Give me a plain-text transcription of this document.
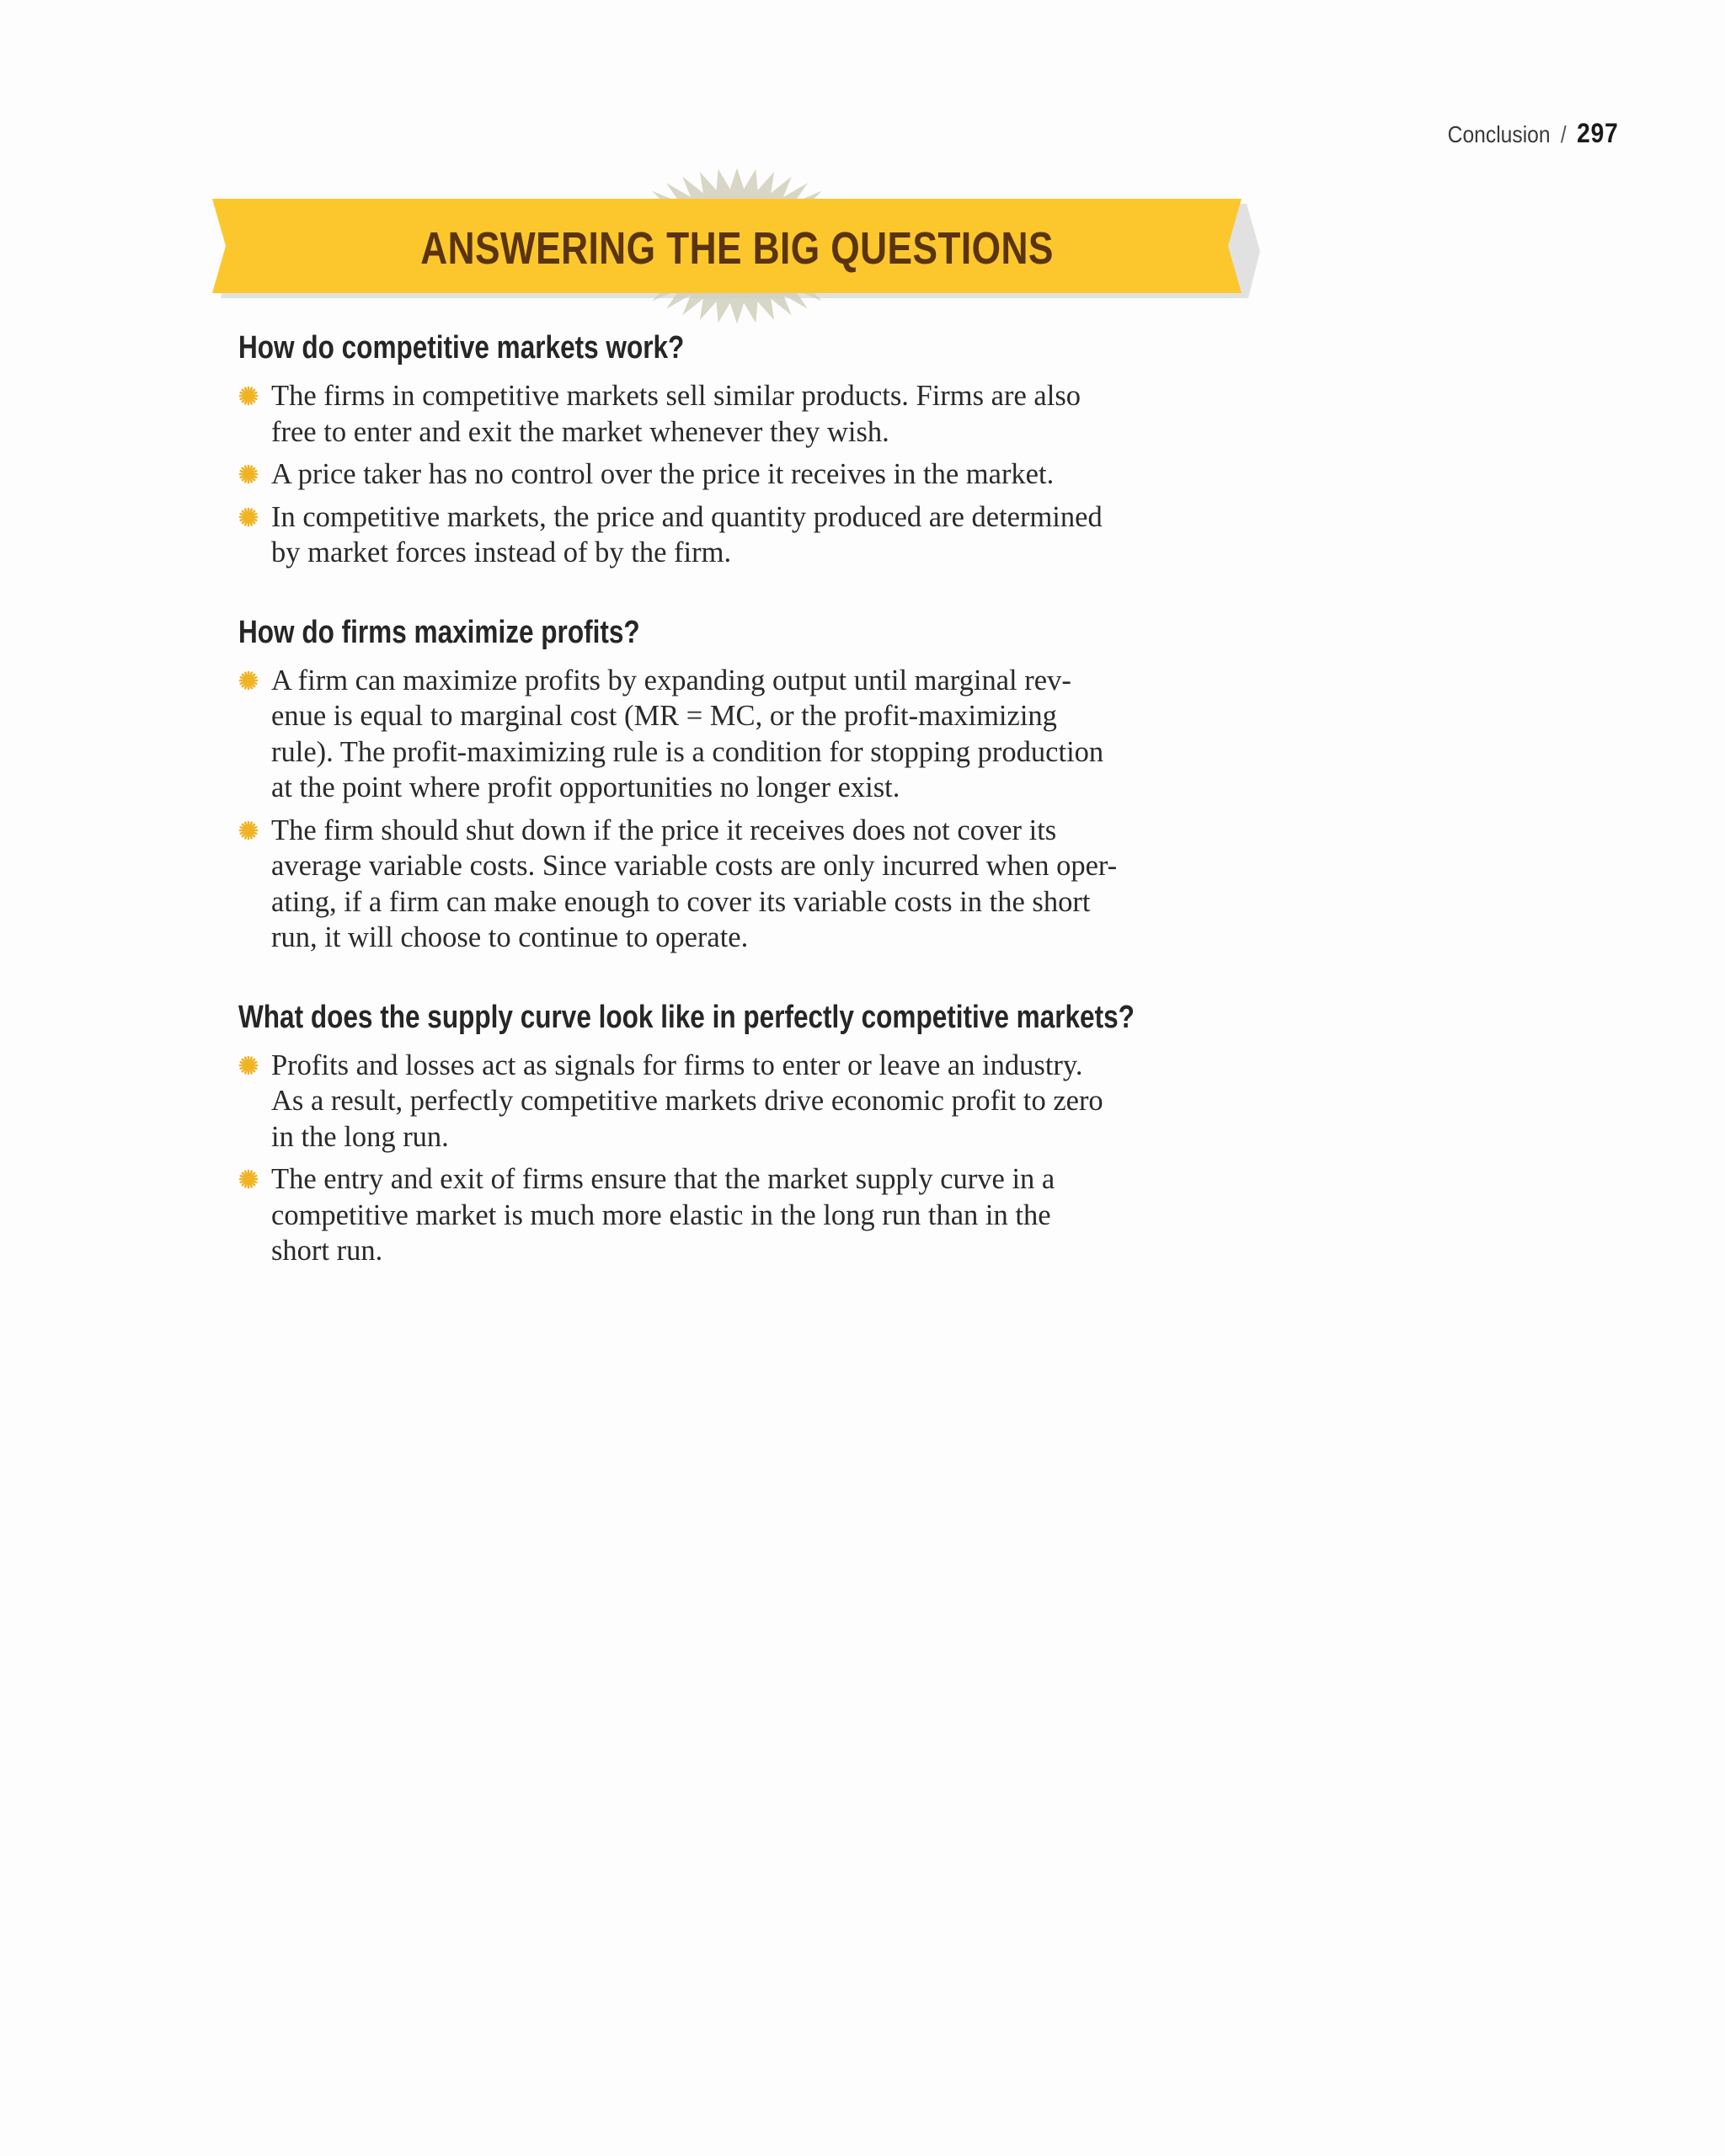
Conclusion / 297
ANSWERING THE BIG QUESTIONS
How do competitive markets work?
The firms in competitive markets sell similar products. Firms are also
free to enter and exit the market whenever they wish.
A price taker has no control over the price it receives in the market.
In competitive markets, the price and quantity produced are determined
by market forces instead of by the firm.
How do firms maximize profits?
A firm can maximize profits by expanding output until marginal rev-
enue is equal to marginal cost (MR = MC, or the profit-maximizing
rule). The profit-maximizing rule is a condition for stopping production
at the point where profit opportunities no longer exist.
The firm should shut down if the price it receives does not cover its
average variable costs. Since variable costs are only incurred when oper-
ating, if a firm can make enough to cover its variable costs in the short
run, it will choose to continue to operate.
What does the supply curve look like in perfectly competitive markets?
Profits and losses act as signals for firms to enter or leave an industry.
As a result, perfectly competitive markets drive economic profit to zero
in the long run.
The entry and exit of firms ensure that the market supply curve in a
competitive market is much more elastic in the long run than in the
short run.
